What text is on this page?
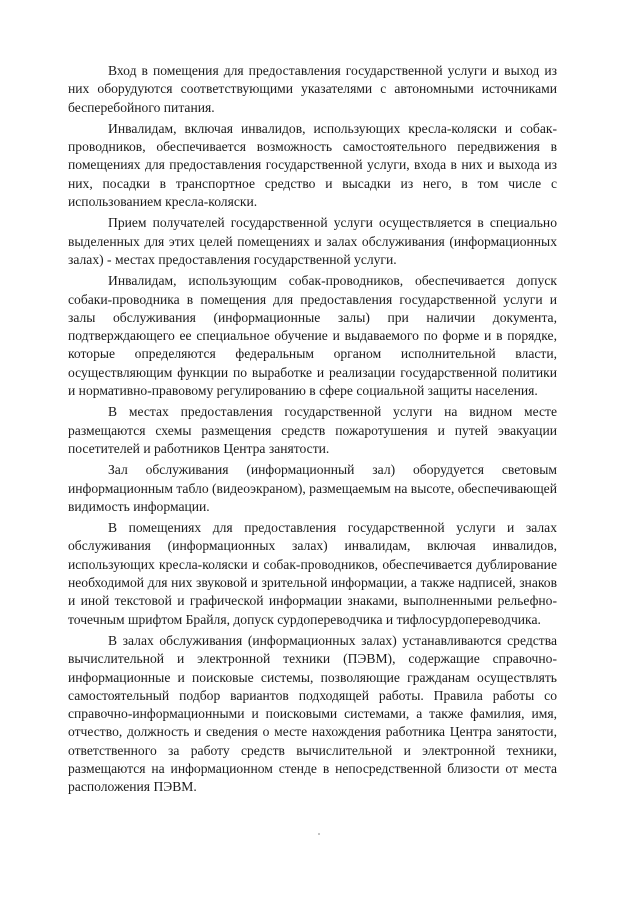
Вход в помещения для предоставления государственной услуги и выход из них оборудуются соответствующими указателями с автономными источниками бесперебойного питания.

Инвалидам, включая инвалидов, использующих кресла-коляски и собак-проводников, обеспечивается возможность самостоятельного передвижения в помещениях для предоставления государственной услуги, входа в них и выхода из них, посадки в транспортное средство и высадки из него, в том числе с использованием кресла-коляски.

Прием получателей государственной услуги осуществляется в специально выделенных для этих целей помещениях и залах обслуживания (информационных залах) - местах предоставления государственной услуги.

Инвалидам, использующим собак-проводников, обеспечивается допуск собаки-проводника в помещения для предоставления государственной услуги и залы обслуживания (информационные залы) при наличии документа, подтверждающего ее специальное обучение и выдаваемого по форме и в порядке, которые определяются федеральным органом исполнительной власти, осуществляющим функции по выработке и реализации государственной политики и нормативно-правовому регулированию в сфере социальной защиты населения.

В местах предоставления государственной услуги на видном месте размещаются схемы размещения средств пожаротушения и путей эвакуации посетителей и работников Центра занятости.

Зал обслуживания (информационный зал) оборудуется световым информационным табло (видеоэкраном), размещаемым на высоте, обеспечивающей видимость информации.

В помещениях для предоставления государственной услуги и залах обслуживания (информационных залах) инвалидам, включая инвалидов, использующих кресла-коляски и собак-проводников, обеспечивается дублирование необходимой для них звуковой и зрительной информации, а также надписей, знаков и иной текстовой и графической информации знаками, выполненными рельефно-точечным шрифтом Брайля, допуск сурдопереводчика и тифлосурдопереводчика.

В залах обслуживания (информационных залах) устанавливаются средства вычислительной и электронной техники (ПЭВМ), содержащие справочно-информационные и поисковые системы, позволяющие гражданам осуществлять самостоятельный подбор вариантов подходящей работы. Правила работы со справочно-информационными и поисковыми системами, а также фамилия, имя, отчество, должность и сведения о месте нахождения работника Центра занятости, ответственного за работу средств вычислительной и электронной техники, размещаются на информационном стенде в непосредственной близости от места расположения ПЭВМ.
